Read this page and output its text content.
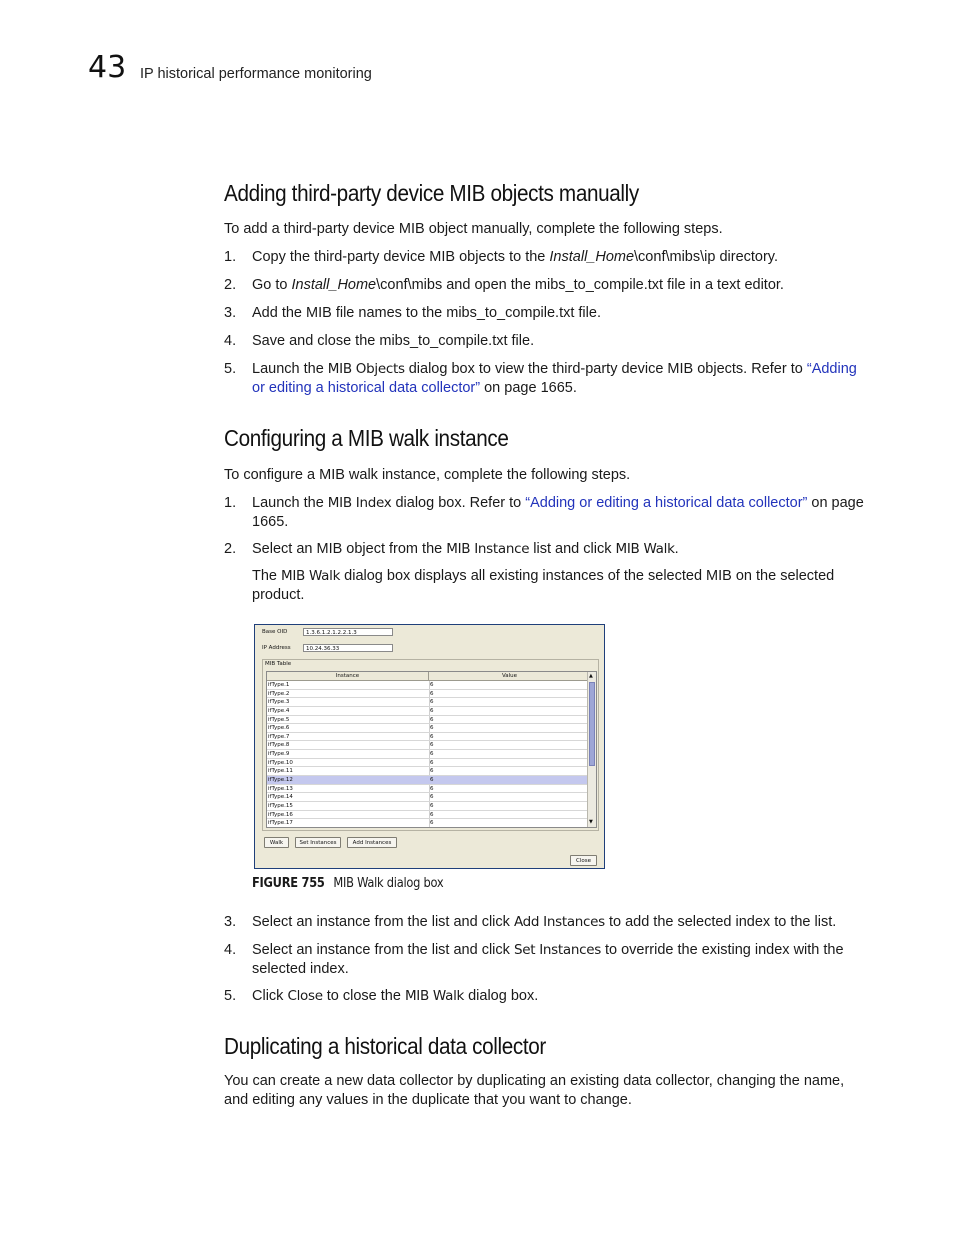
43 IP historical performance monitoring
Adding third-party device MIB objects manually

To add a third-party device MIB object manually, complete the following steps.

1. Copy the third-party device MIB objects to the Install_Home\conf\mibs\ip directory.
2. Go to Install_Home\conf\mibs and open the mibs_to_compile.txt file in a text editor.
3. Add the MIB file names to the mibs_to_compile.txt file.
4. Save and close the mibs_to_compile.txt file.
5. Launch the MIB Objects dialog box to view the third-party device MIB objects. Refer to “Adding or editing a historical data collector” on page 1665.
Configuring a MIB walk instance

To configure a MIB walk instance, complete the following steps.

1. Launch the MIB Index dialog box. Refer to “Adding or editing a historical data collector” on page 1665.
2. Select an MIB object from the MIB Instance list and click MIB Walk.
The MIB Walk dialog box displays all existing instances of the selected MIB on the selected product.
Base OID	1.3.6.1.2.1.2.2.1.3
IP Address	10.24.36.33
MIB Table
Instance	Value
ifType.1	6
ifType.2	6
ifType.3	6
ifType.4	6
ifType.5	6
ifType.6	6
ifType.7	6
ifType.8	6
ifType.9	6
ifType.10	6
ifType.11	6
ifType.12	6
ifType.13	6
ifType.14	6
ifType.15	6
ifType.16	6
ifType.17	6
▲
▼
Walk	Set Instances	Add Instances
Close
FIGURE 755 MIB Walk dialog box
3. Select an instance from the list and click Add Instances to add the selected index to the list.
4. Select an instance from the list and click Set Instances to override the existing index with the selected index.
5. Click Close to close the MIB Walk dialog box.
Duplicating a historical data collector

You can create a new data collector by duplicating an existing data collector, changing the name, and editing any values in the duplicate that you want to change.
